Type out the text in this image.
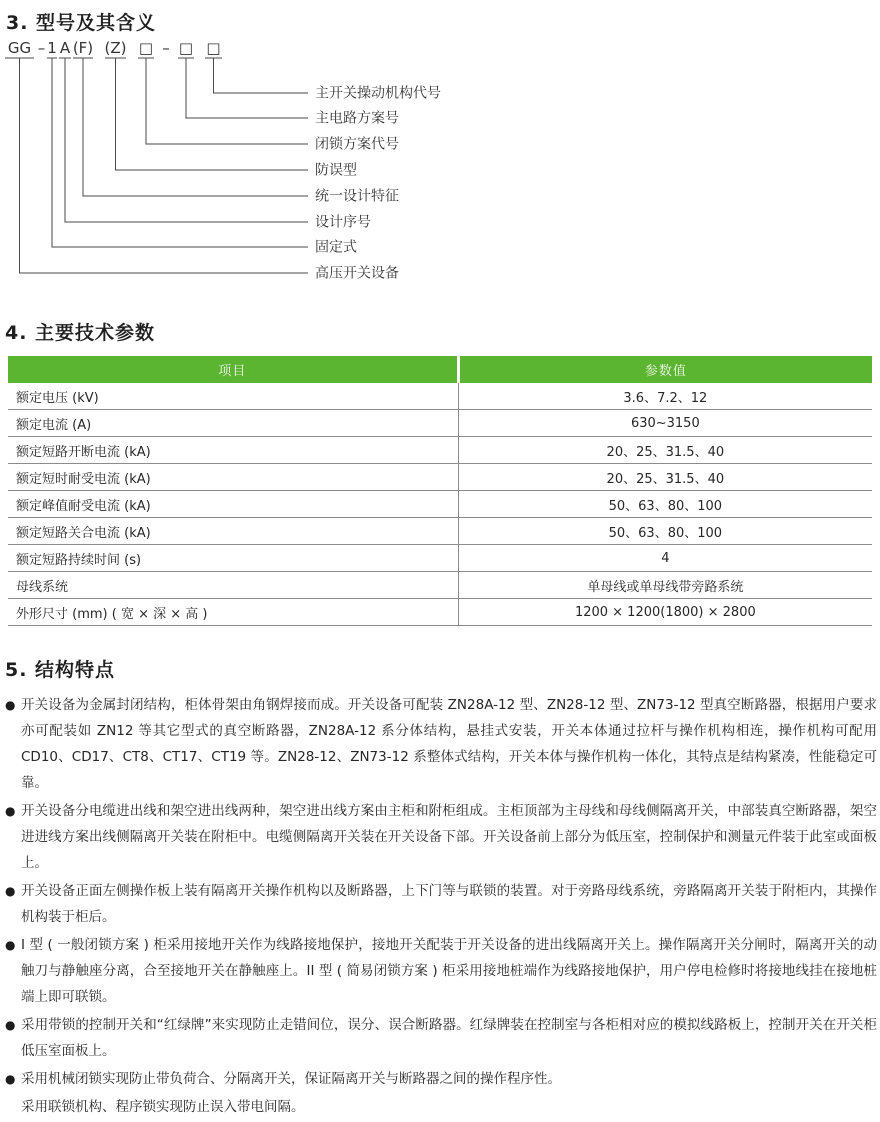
3. 型号及其含义
GG – 1 A (F) (Z) □ – □ □
主开关操动机构代号
主电路方案号
闭锁方案代号
防误型
统一设计特征
设计序号
固定式
高压开关设备
4. 主要技术参数
项目	参数值
额定电压 (kV)	3.6、7.2、12
额定电流 (A)	630~3150
额定短路开断电流 (kA)	20、25、31.5、40
额定短时耐受电流 (kA)	20、25、31.5、40
额定峰值耐受电流 (kA)	50、63、80、100
额定短路关合电流 (kA)	50、63、80、100
额定短路持续时间 (s)	4
母线系统	单母线或单母线带旁路系统
外形尺寸 (mm) ( 宽 × 深 × 高 )	1200 × 1200(1800) × 2800
5. 结构特点
● 开关设备为金属封闭结构，柜体骨架由角钢焊接而成。开关设备可配装 ZN28A-12 型、ZN28-12 型、ZN73-12 型真空断路器，根据用户要求亦可配装如 ZN12 等其它型式的真空断路器，ZN28A-12 系分体结构，悬挂式安装，开关本体通过拉杆与操作机构相连，操作机构可配用 CD10、CD17、CT8、CT17、CT19 等。ZN28-12、ZN73-12 系整体式结构，开关本体与操作机构一体化，其特点是结构紧凑，性能稳定可靠。
● 开关设备分电缆进出线和架空进出线两种，架空进出线方案由主柜和附柜组成。主柜顶部为主母线和母线侧隔离开关，中部装真空断路器，架空进进线方案出线侧隔离开关装在附柜中。电缆侧隔离开关装在开关设备下部。开关设备前上部分为低压室，控制保护和测量元件装于此室或面板上。
● 开关设备正面左侧操作板上装有隔离开关操作机构以及断路器，上下门等与联锁的装置。对于旁路母线系统，旁路隔离开关装于附柜内，其操作机构装于柜后。
● I 型 ( 一般闭锁方案 ) 柜采用接地开关作为线路接地保护，接地开关配装于开关设备的进出线隔离开关上。操作隔离开关分闸时，隔离开关的动触刀与静触座分离，合至接地开关在静触座上。II 型 ( 简易闭锁方案 ) 柜采用接地桩端作为线路接地保护，用户停电检修时将接地线挂在接地桩端上即可联锁。
● 采用带锁的控制开关和“红绿牌”来实现防止走错间位，误分、误合断路器。红绿牌装在控制室与各柜相对应的模拟线路板上，控制开关在开关柜低压室面板上。
● 采用机械闭锁实现防止带负荷合、分隔离开关，保证隔离开关与断路器之间的操作程序性。
采用联锁机构、程序锁实现防止误入带电间隔。
